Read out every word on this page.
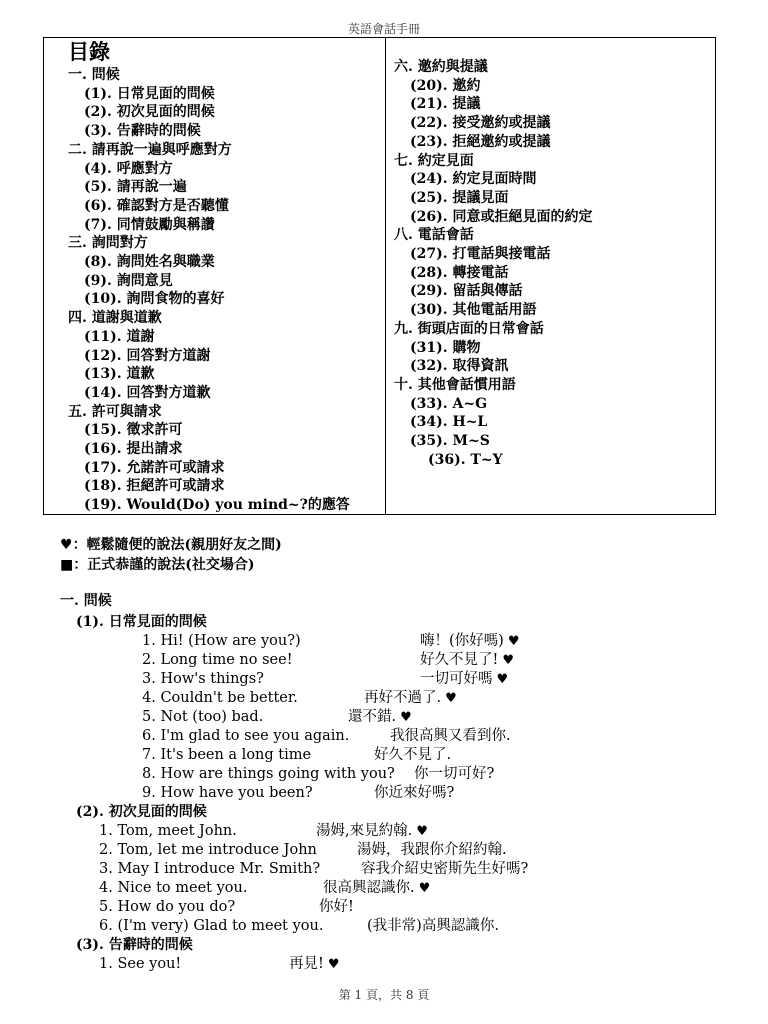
英語會話手冊
目錄
一. 問候
(1). 日常見面的問候
(2). 初次見面的問候
(3). 告辭時的問候
二. 請再說一遍與呼應對方
(4). 呼應對方
(5). 請再說一遍
(6). 確認對方是否聽懂
(7). 同情鼓勵與稱讚
三. 詢問對方
(8). 詢問姓名與職業
(9). 詢問意見
(10). 詢問食物的喜好
四. 道謝與道歉
(11). 道謝
(12). 回答對方道謝
(13). 道歉
(14). 回答對方道歉
五. 許可與請求
(15). 徵求許可
(16). 提出請求
(17). 允諾許可或請求
(18). 拒絕許可或請求
(19). Would(Do) you mind~?的應答
六. 邀約與提議
(20). 邀約
(21). 提議
(22). 接受邀約或提議
(23). 拒絕邀約或提議
七. 約定見面
(24). 約定見面時間
(25). 提議見面
(26). 同意或拒絕見面的約定
八. 電話會話
(27). 打電話與接電話
(28). 轉接電話
(29). 留話與傳話
(30). 其他電話用語
九. 街頭店面的日常會話
(31). 購物
(32). 取得資訊
十. 其他會話慣用語
(33). A~G
(34). H~L
(35). M~S
(36). T~Y
♥：輕鬆隨便的說法(親朋好友之間)
■：正式恭謹的說法(社交場合)
一. 問候
(1). 日常見面的問候
1. Hi! (How are you?)	嗨！(你好嗎) ♥
2. Long time no see!	好久不見了! ♥
3. How's things?	一切可好嗎 ♥
4. Couldn't be better.	再好不過了. ♥
5. Not (too) bad.	還不錯. ♥
6. I'm glad to see you again.	我很高興又看到你.
7. It's been a long time	好久不見了.
8. How are things going with you? 你一切可好?
9. How have you been?	你近來好嗎?
(2). 初次見面的問候
1. Tom, meet John.	湯姆,來見約翰. ♥
2. Tom, let me introduce John	湯姆，我跟你介紹約翰.
3. May I introduce Mr. Smith?	容我介紹史密斯先生好嗎?
4. Nice to meet you.	很高興認識你. ♥
5. How do you do?	你好!
6. (I'm very) Glad to meet you.	(我非常)高興認識你.
(3). 告辭時的問候
1. See you!	再見! ♥
第 1 頁，共 8 頁
